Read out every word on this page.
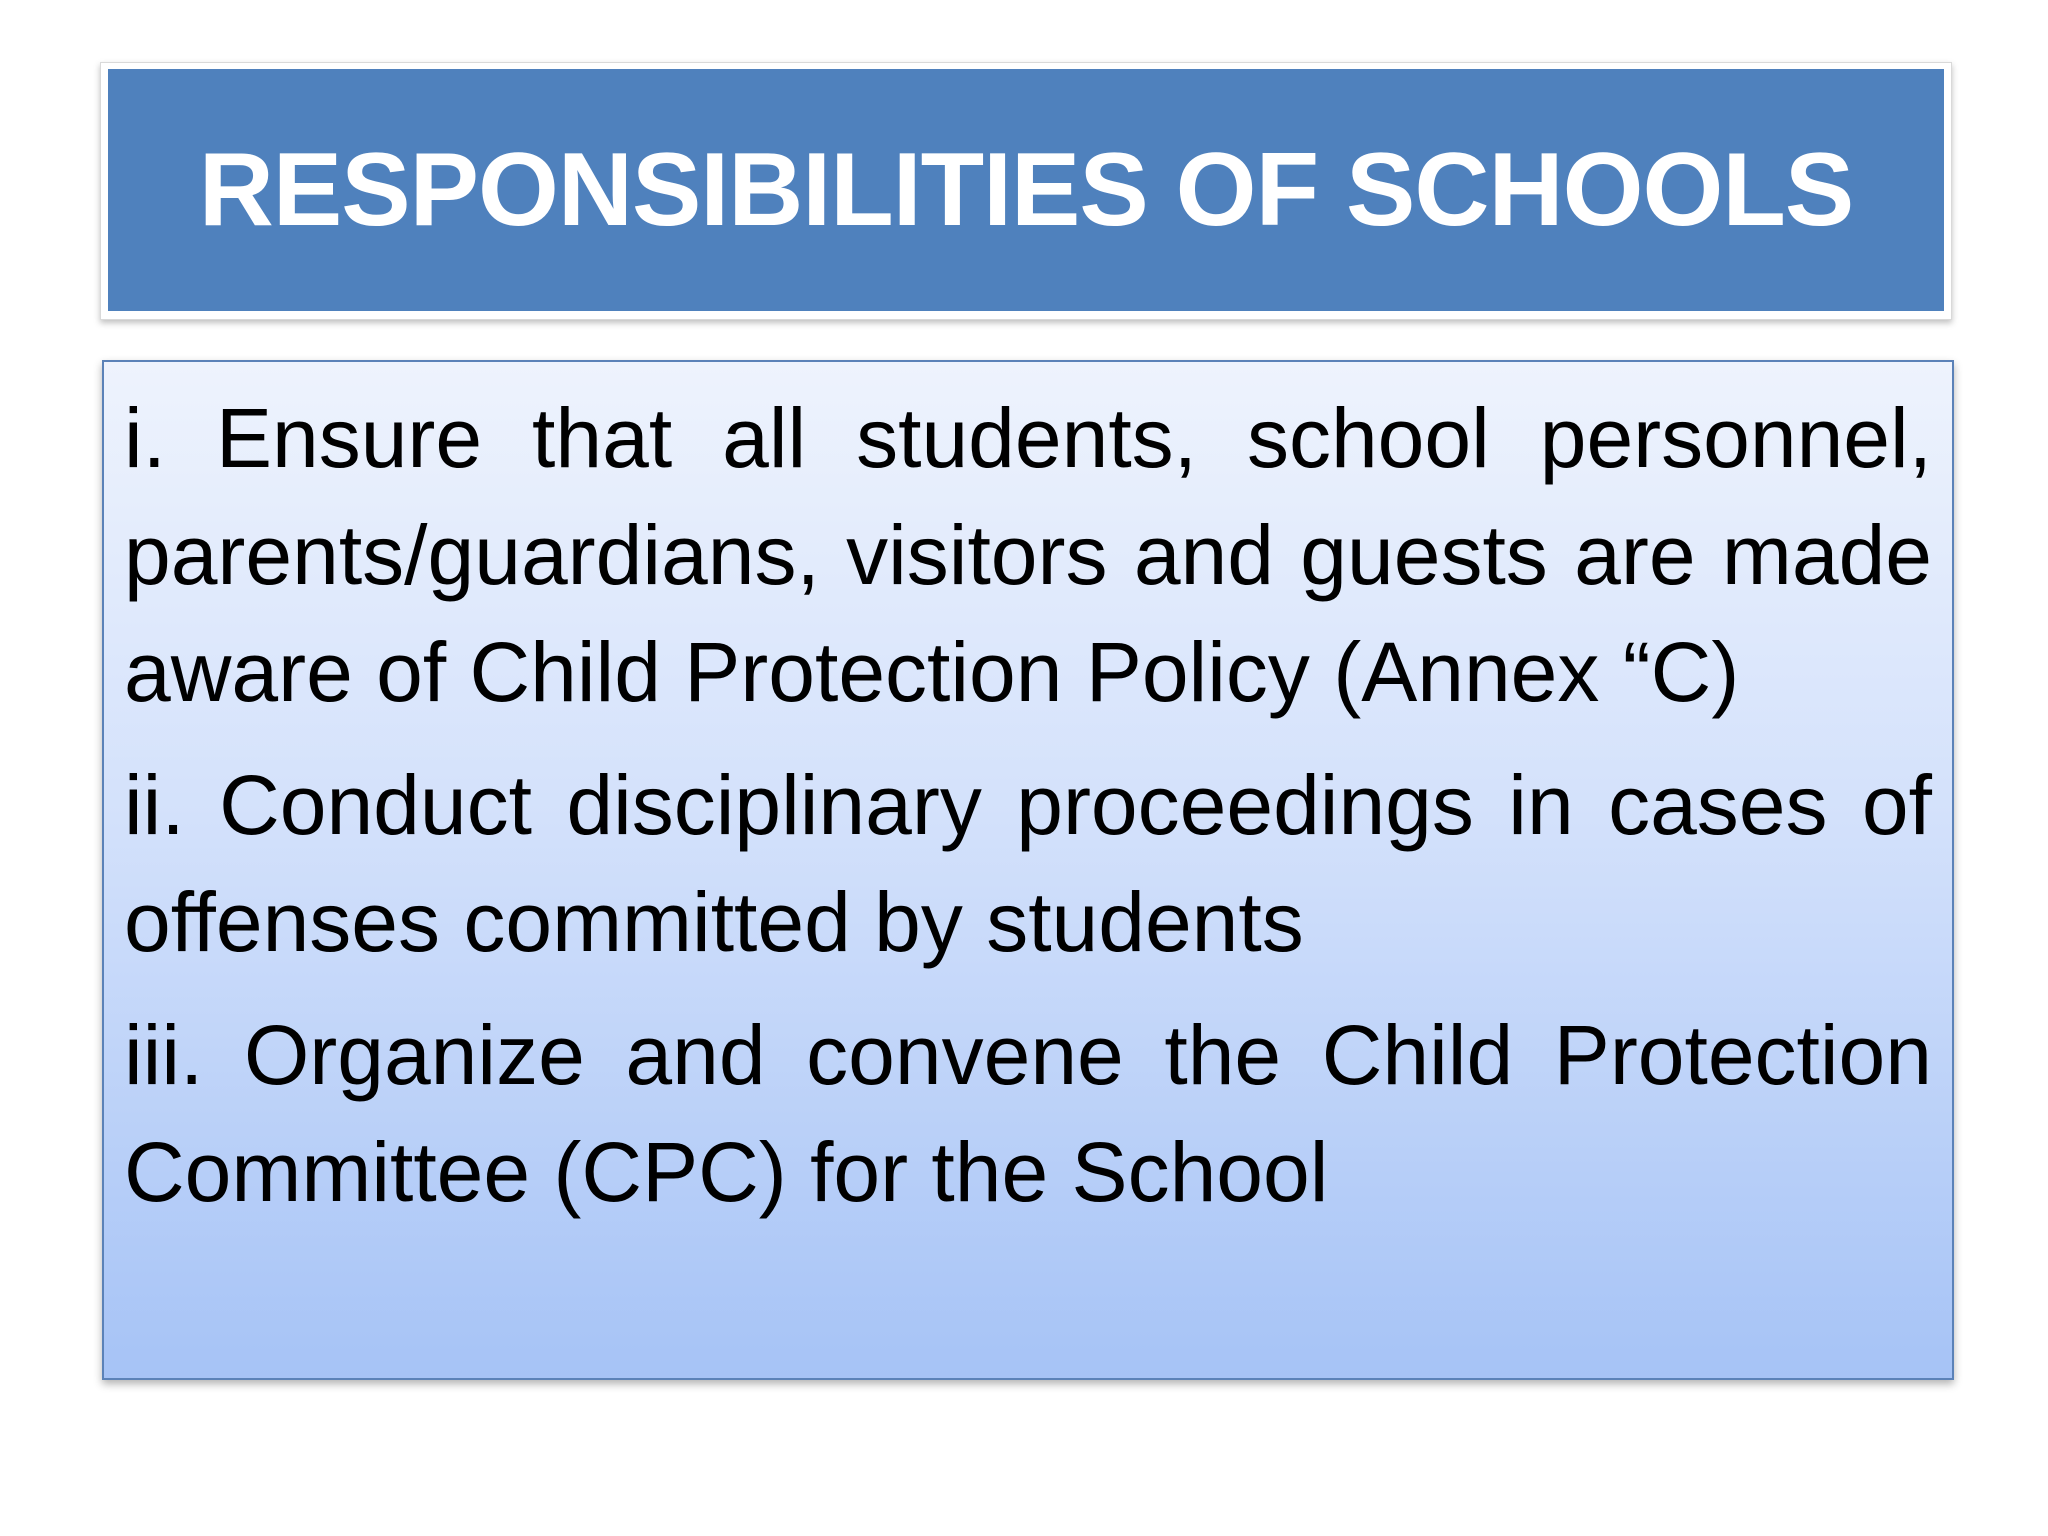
RESPONSIBILITIES OF SCHOOLS

i. Ensure that all students, school personnel, parents/guardians, visitors and guests are made aware of Child Protection Policy (Annex “C)

ii. Conduct disciplinary proceedings in cases of offenses committed by students

iii. Organize and convene the Child Protection Committee (CPC) for the School
